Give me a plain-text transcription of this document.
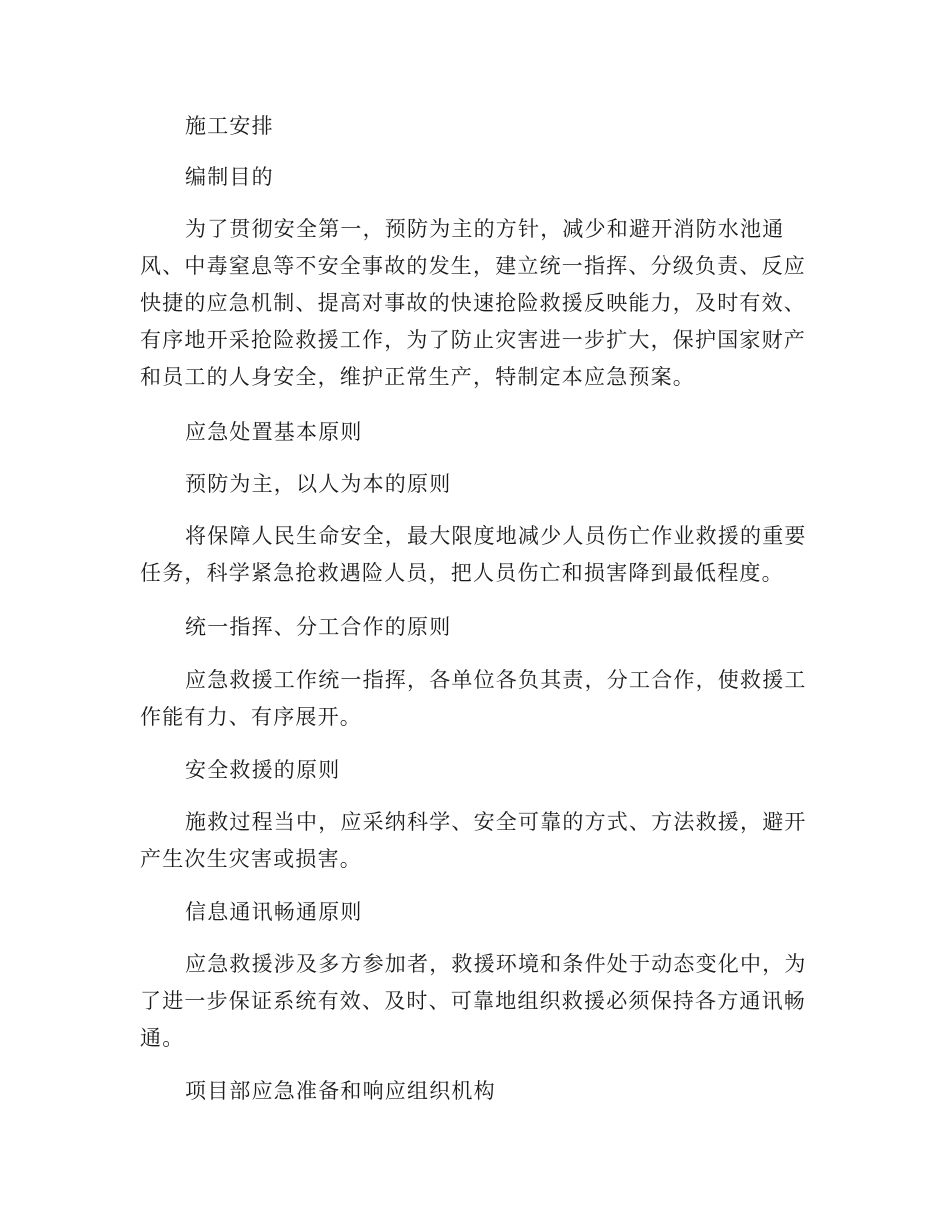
施工安排

编制目的

为了贯彻安全第一，预防为主的方针，减少和避开消防水池通
风、中毒窒息等不安全事故的发生，建立统一指挥、分级负责、反应
快捷的应急机制、提高对事故的快速抢险救援反映能力，及时有效、
有序地开采抢险救援工作，为了防止灾害进一步扩大，保护国家财产
和员工的人身安全，维护正常生产，特制定本应急预案。

应急处置基本原则

预防为主，以人为本的原则

将保障人民生命安全，最大限度地减少人员伤亡作业救援的重要
任务，科学紧急抢救遇险人员，把人员伤亡和损害降到最低程度。

统一指挥、分工合作的原则

应急救援工作统一指挥，各单位各负其责，分工合作，使救援工
作能有力、有序展开。

安全救援的原则

施救过程当中，应采纳科学、安全可靠的方式、方法救援，避开
产生次生灾害或损害。

信息通讯畅通原则

应急救援涉及多方参加者，救援环境和条件处于动态变化中，为
了进一步保证系统有效、及时、可靠地组织救援必须保持各方通讯畅
通。

项目部应急准备和响应组织机构
